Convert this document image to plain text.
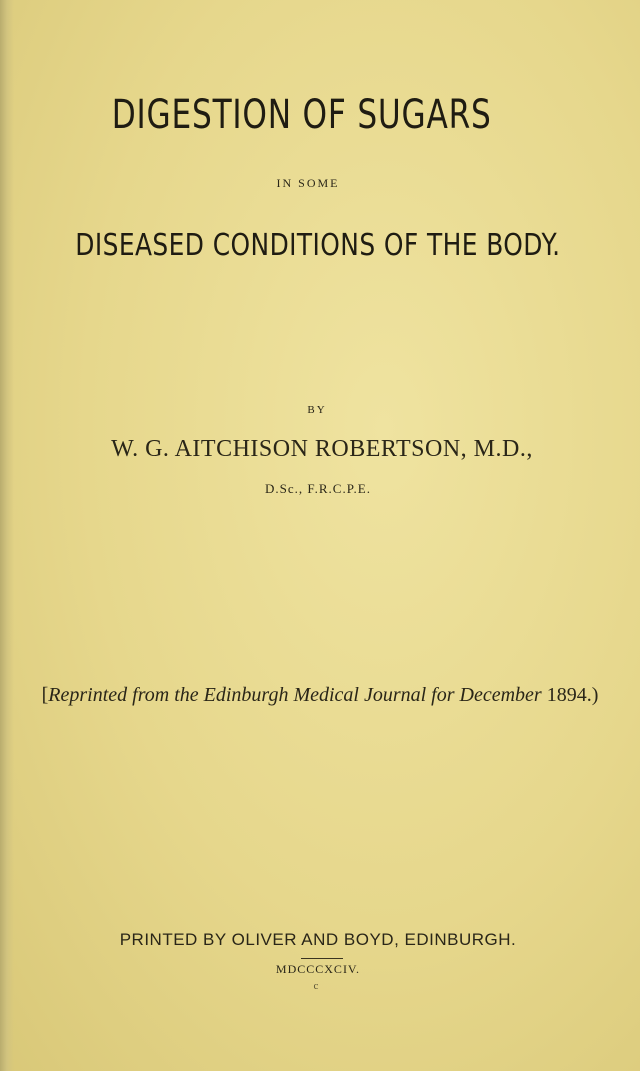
DIGESTION OF SUGARS
IN SOME
DISEASED CONDITIONS OF THE BODY.
BY
W. G. AITCHISON ROBERTSON, M.D.,
D.Sc., F.R.C.P.E.
[Reprinted from the Edinburgh Medical Journal for December 1894.)
PRINTED BY OLIVER AND BOYD, EDINBURGH.
MDCCCXCIV.
c
